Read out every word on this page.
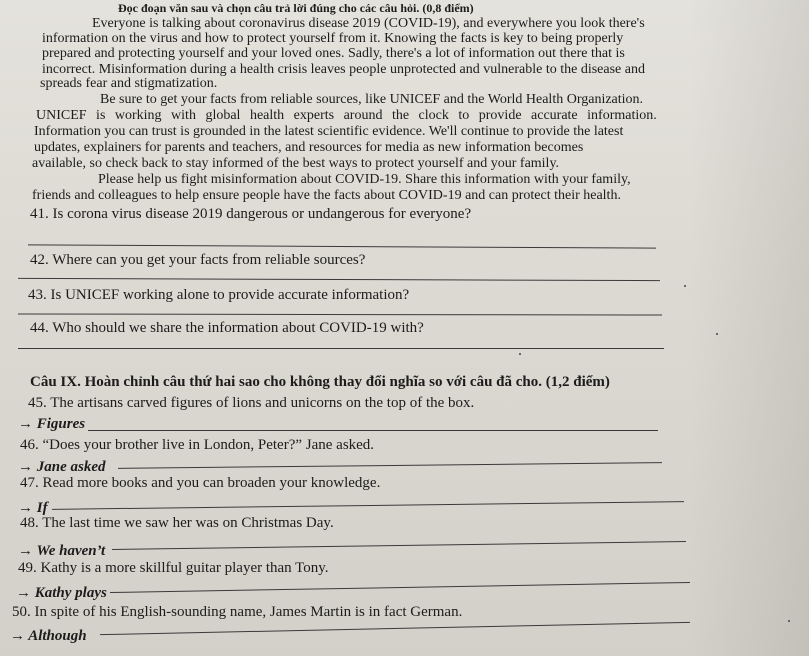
Đọc đoạn văn sau và chọn câu trả lời đúng cho các câu hỏi. (0,8 điểm)
Everyone is talking about coronavirus disease 2019 (COVID-19), and everywhere you look there's
information on the virus and how to protect yourself from it. Knowing the facts is key to being properly
prepared and protecting yourself and your loved ones. Sadly, there's a lot of information out there that is
incorrect. Misinformation during a health crisis leaves people unprotected and vulnerable to the disease and
spreads fear and stigmatization.
Be sure to get your facts from reliable sources, like UNICEF and the World Health Organization.
UNICEF is working with global health experts around the clock to provide accurate information.
Information you can trust is grounded in the latest scientific evidence. We'll continue to provide the latest
updates, explainers for parents and teachers, and resources for media as new information becomes
available, so check back to stay informed of the best ways to protect yourself and your family.
Please help us fight misinformation about COVID-19. Share this information with your family,
friends and colleagues to help ensure people have the facts about COVID-19 and can protect their health.
41. Is corona virus disease 2019 dangerous or undangerous for everyone?
42. Where can you get your facts from reliable sources?
43. Is UNICEF working alone to provide accurate information?
44. Who should we share the information about COVID-19 with?
Câu IX. Hoàn chỉnh câu thứ hai sao cho không thay đổi nghĩa so với câu đã cho. (1,2 điểm)
45. The artisans carved figures of lions and unicorns on the top of the box.
→ Figures
46. “Does your brother live in London, Peter?” Jane asked.
→ Jane asked
47. Read more books and you can broaden your knowledge.
→ If
48. The last time we saw her was on Christmas Day.
→ We haven’t
49. Kathy is a more skillful guitar player than Tony.
→ Kathy plays
50. In spite of his English-sounding name, James Martin is in fact German.
→ Although
